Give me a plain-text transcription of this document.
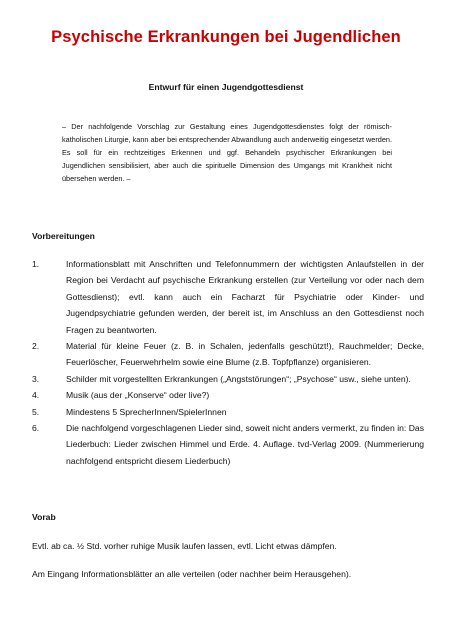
Psychische Erkrankungen bei Jugendlichen
Entwurf für einen Jugendgottesdienst
– Der nachfolgende Vorschlag zur Gestaltung eines Jugendgottesdienstes folgt der römisch-katholischen Liturgie, kann aber bei entsprechender Abwandlung auch anderweitig eingesetzt werden. Es soll für ein rechtzeitiges Erkennen und ggf. Behandeln psychischer Erkrankungen bei Jugendlichen sensibilisiert, aber auch die spirituelle Dimension des Umgangs mit Krankheit nicht übersehen werden. –
Vorbereitungen
1.	Informationsblatt mit Anschriften und Telefonnummern der wichtigsten Anlaufstellen in der Region bei Verdacht auf psychische Erkrankung erstellen (zur Verteilung vor oder nach dem Gottesdienst); evtl. kann auch ein Facharzt für Psychiatrie oder Kinder- und Jugendpsychiatrie gefunden werden, der bereit ist, im Anschluss an den Gottesdienst noch Fragen zu beantworten.
2.	Material für kleine Feuer (z. B. in Schalen, jedenfalls geschützt!), Rauchmelder; Decke, Feuerlöscher, Feuerwehrhelm sowie eine Blume (z.B. Topfpflanze) organisieren.
3.	Schilder mit vorgestellten Erkrankungen („Angststörungen“; „Psychose“ usw., siehe unten).
4.	Musik (aus der „Konserve“ oder live?)
5.	Mindestens 5 SprecherInnen/SpielerInnen
6.	Die nachfolgend vorgeschlagenen Lieder sind, soweit nicht anders vermerkt, zu finden in: Das Liederbuch: Lieder zwischen Himmel und Erde. 4. Auflage. tvd-Verlag 2009. (Nummerierung nachfolgend entspricht diesem Liederbuch)
Vorab
Evtl. ab ca. ½ Std. vorher ruhige Musik laufen lassen, evtl. Licht etwas dämpfen.
Am Eingang Informationsblätter an alle verteilen (oder nachher beim Herausgehen).
